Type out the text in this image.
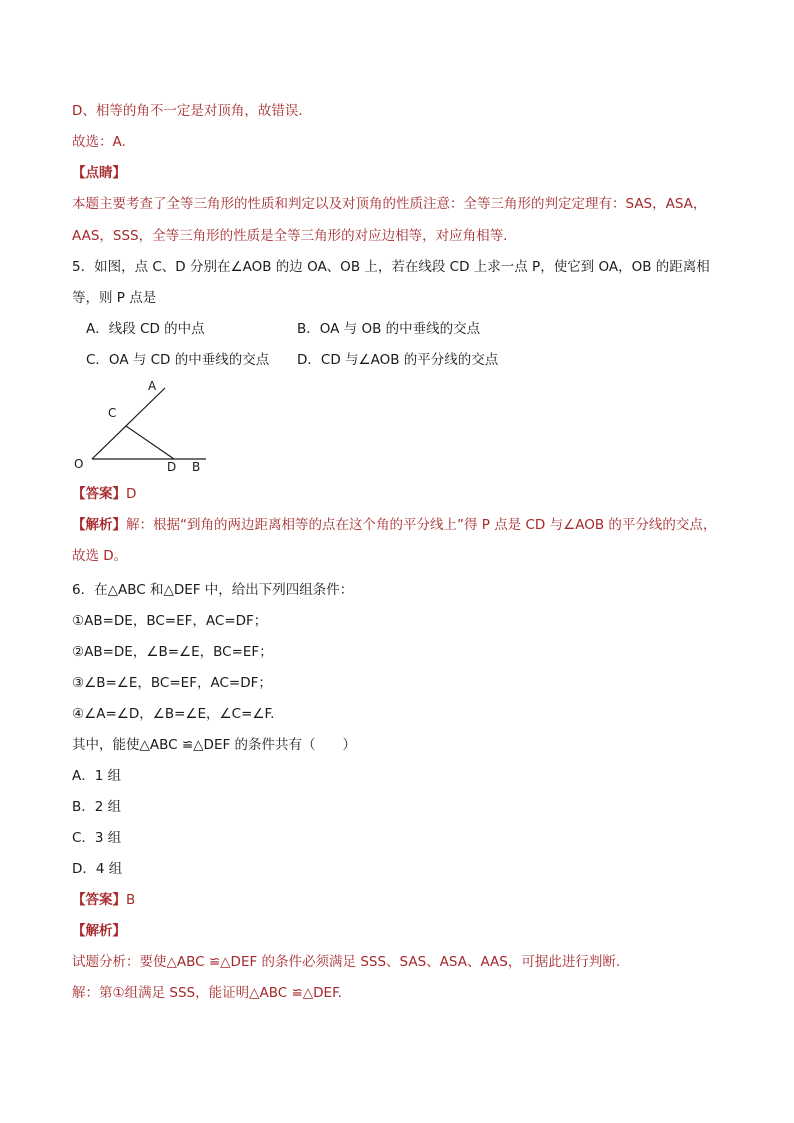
D、相等的角不一定是对顶角，故错误.
故选：A.
【点睛】
本题主要考查了全等三角形的性质和判定以及对顶角的性质注意：全等三角形的判定定理有：SAS，ASA，
AAS，SSS，全等三角形的性质是全等三角形的对应边相等，对应角相等.
5．如图，点 C、D 分别在∠AOB 的边 OA、OB 上，若在线段 CD 上求一点 P，使它到 OA，OB 的距离相
等，则 P 点是
A．线段 CD 的中点	B．OA 与 OB 的中垂线的交点
C．OA 与 CD 的中垂线的交点 D．CD 与∠AOB 的平分线的交点
A
C
O	D B
【答案】D
【解析】解：根据“到角的两边距离相等的点在这个角的平分线上”得 P 点是 CD 与∠AOB 的平分线的交点，
故选 D。
6．在△ABC 和△DEF 中，给出下列四组条件：
①AB=DE，BC=EF，AC=DF；
②AB=DE，∠B=∠E，BC=EF；
③∠B=∠E，BC=EF，AC=DF；
④∠A=∠D，∠B=∠E，∠C=∠F.
其中，能使△ABC ≌△DEF 的条件共有（　　）
A．1 组
B．2 组
C．3 组
D．4 组
【答案】B
【解析】
试题分析：要使△ABC ≌△DEF 的条件必须满足 SSS、SAS、ASA、AAS，可据此进行判断.
解：第①组满足 SSS，能证明△ABC ≌△DEF.
